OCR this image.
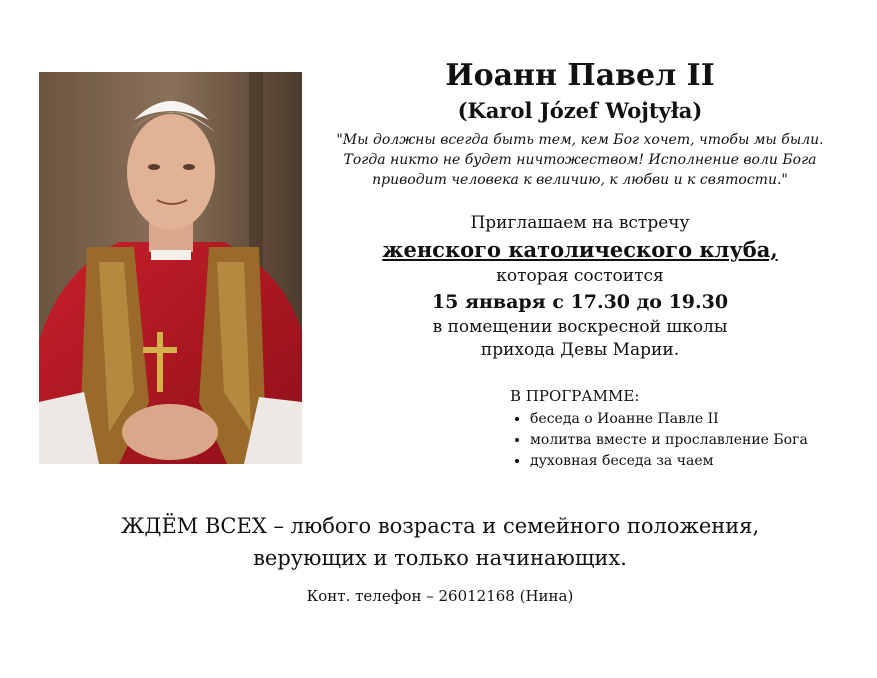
Иоанн Павел II
(Karol Józef Wojtyła)
"Мы должны всегда быть тем, кем Бог хочет, чтобы мы были.
Тогда никто не будет ничтожеством! Исполнение воли Бога
приводит человека к величию, к любви и к святости."
Приглашаем на встречу
женского католического клуба,
которая состоится
15 января с 17.30 до 19.30
в помещении воскресной школы
прихода Девы Марии.
В ПРОГРАММЕ:
• беседа о Иоанне Павле II
• молитва вместе и прославление Бога
• духовная беседа за чаем
ЖДЁМ ВСЕХ – любого возраста и семейного положения,
верующих и только начинающих.
Конт. телефон – 26012168 (Нина)
